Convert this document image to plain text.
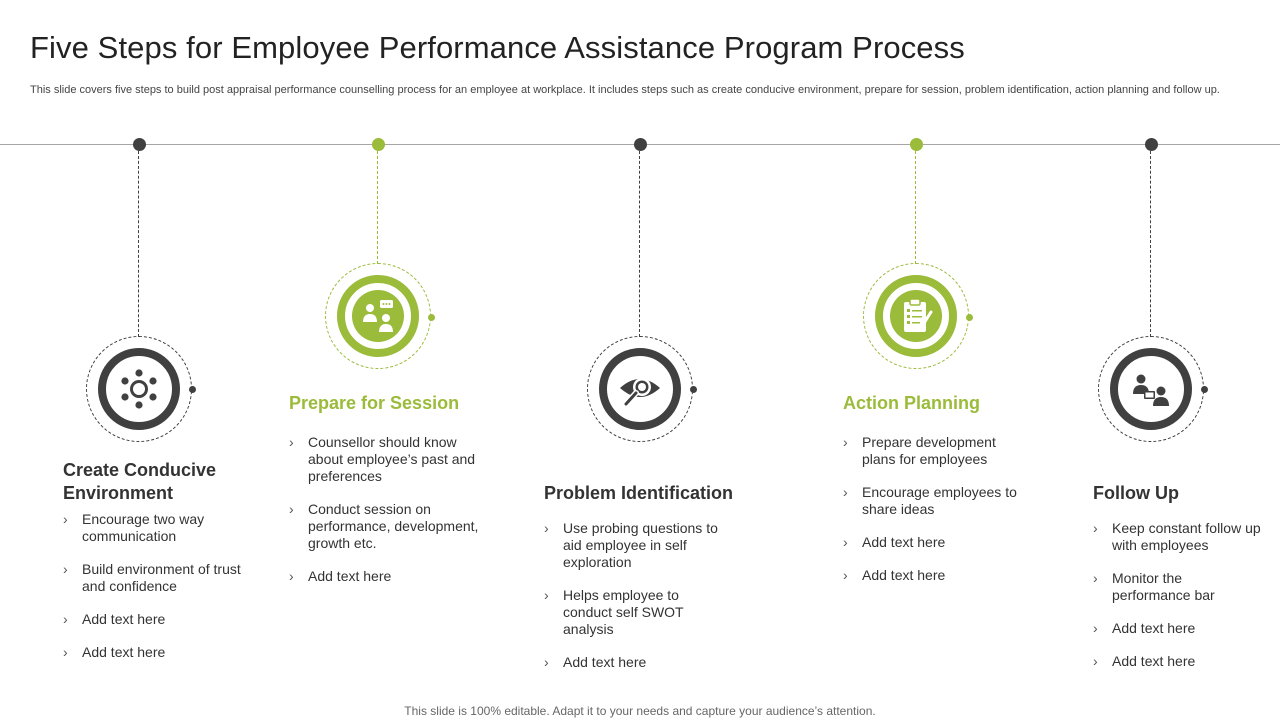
Five Steps for Employee Performance Assistance Program Process

This slide covers five steps to build post appraisal performance counselling process for an employee at workplace. It includes steps such as create conducive environment, prepare for session, problem identification, action planning and follow up.

Create Conducive Environment
› Encourage two way communication
› Build environment of trust and confidence
› Add text here
› Add text here
Prepare for Session
› Counsellor should know about employee’s past and preferences
› Conduct session on performance, development, growth etc.
› Add text here
Problem Identification
› Use probing questions to aid employee in self exploration
› Helps employee to conduct self SWOT analysis
› Add text here
Action Planning
› Prepare development plans for employees
› Encourage employees to share ideas
› Add text here
› Add text here
Follow Up
› Keep constant follow up with employees
› Monitor the performance bar
› Add text here
› Add text here
This slide is 100% editable. Adapt it to your needs and capture your audience’s attention.
